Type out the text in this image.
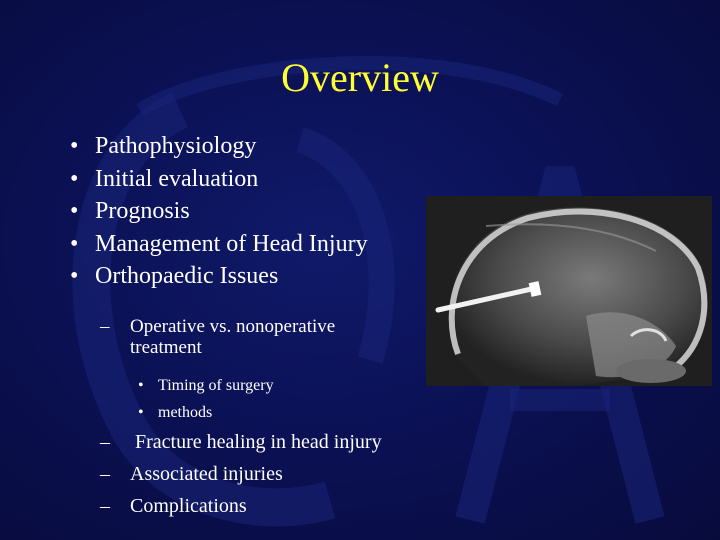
Overview
• Pathophysiology
• Initial evaluation
• Prognosis
• Management of Head Injury
• Orthopaedic Issues
– Operative vs. nonoperative
treatment
• Timing of surgery
• methods
–  Fracture healing in head injury
– Associated injuries
– Complications
